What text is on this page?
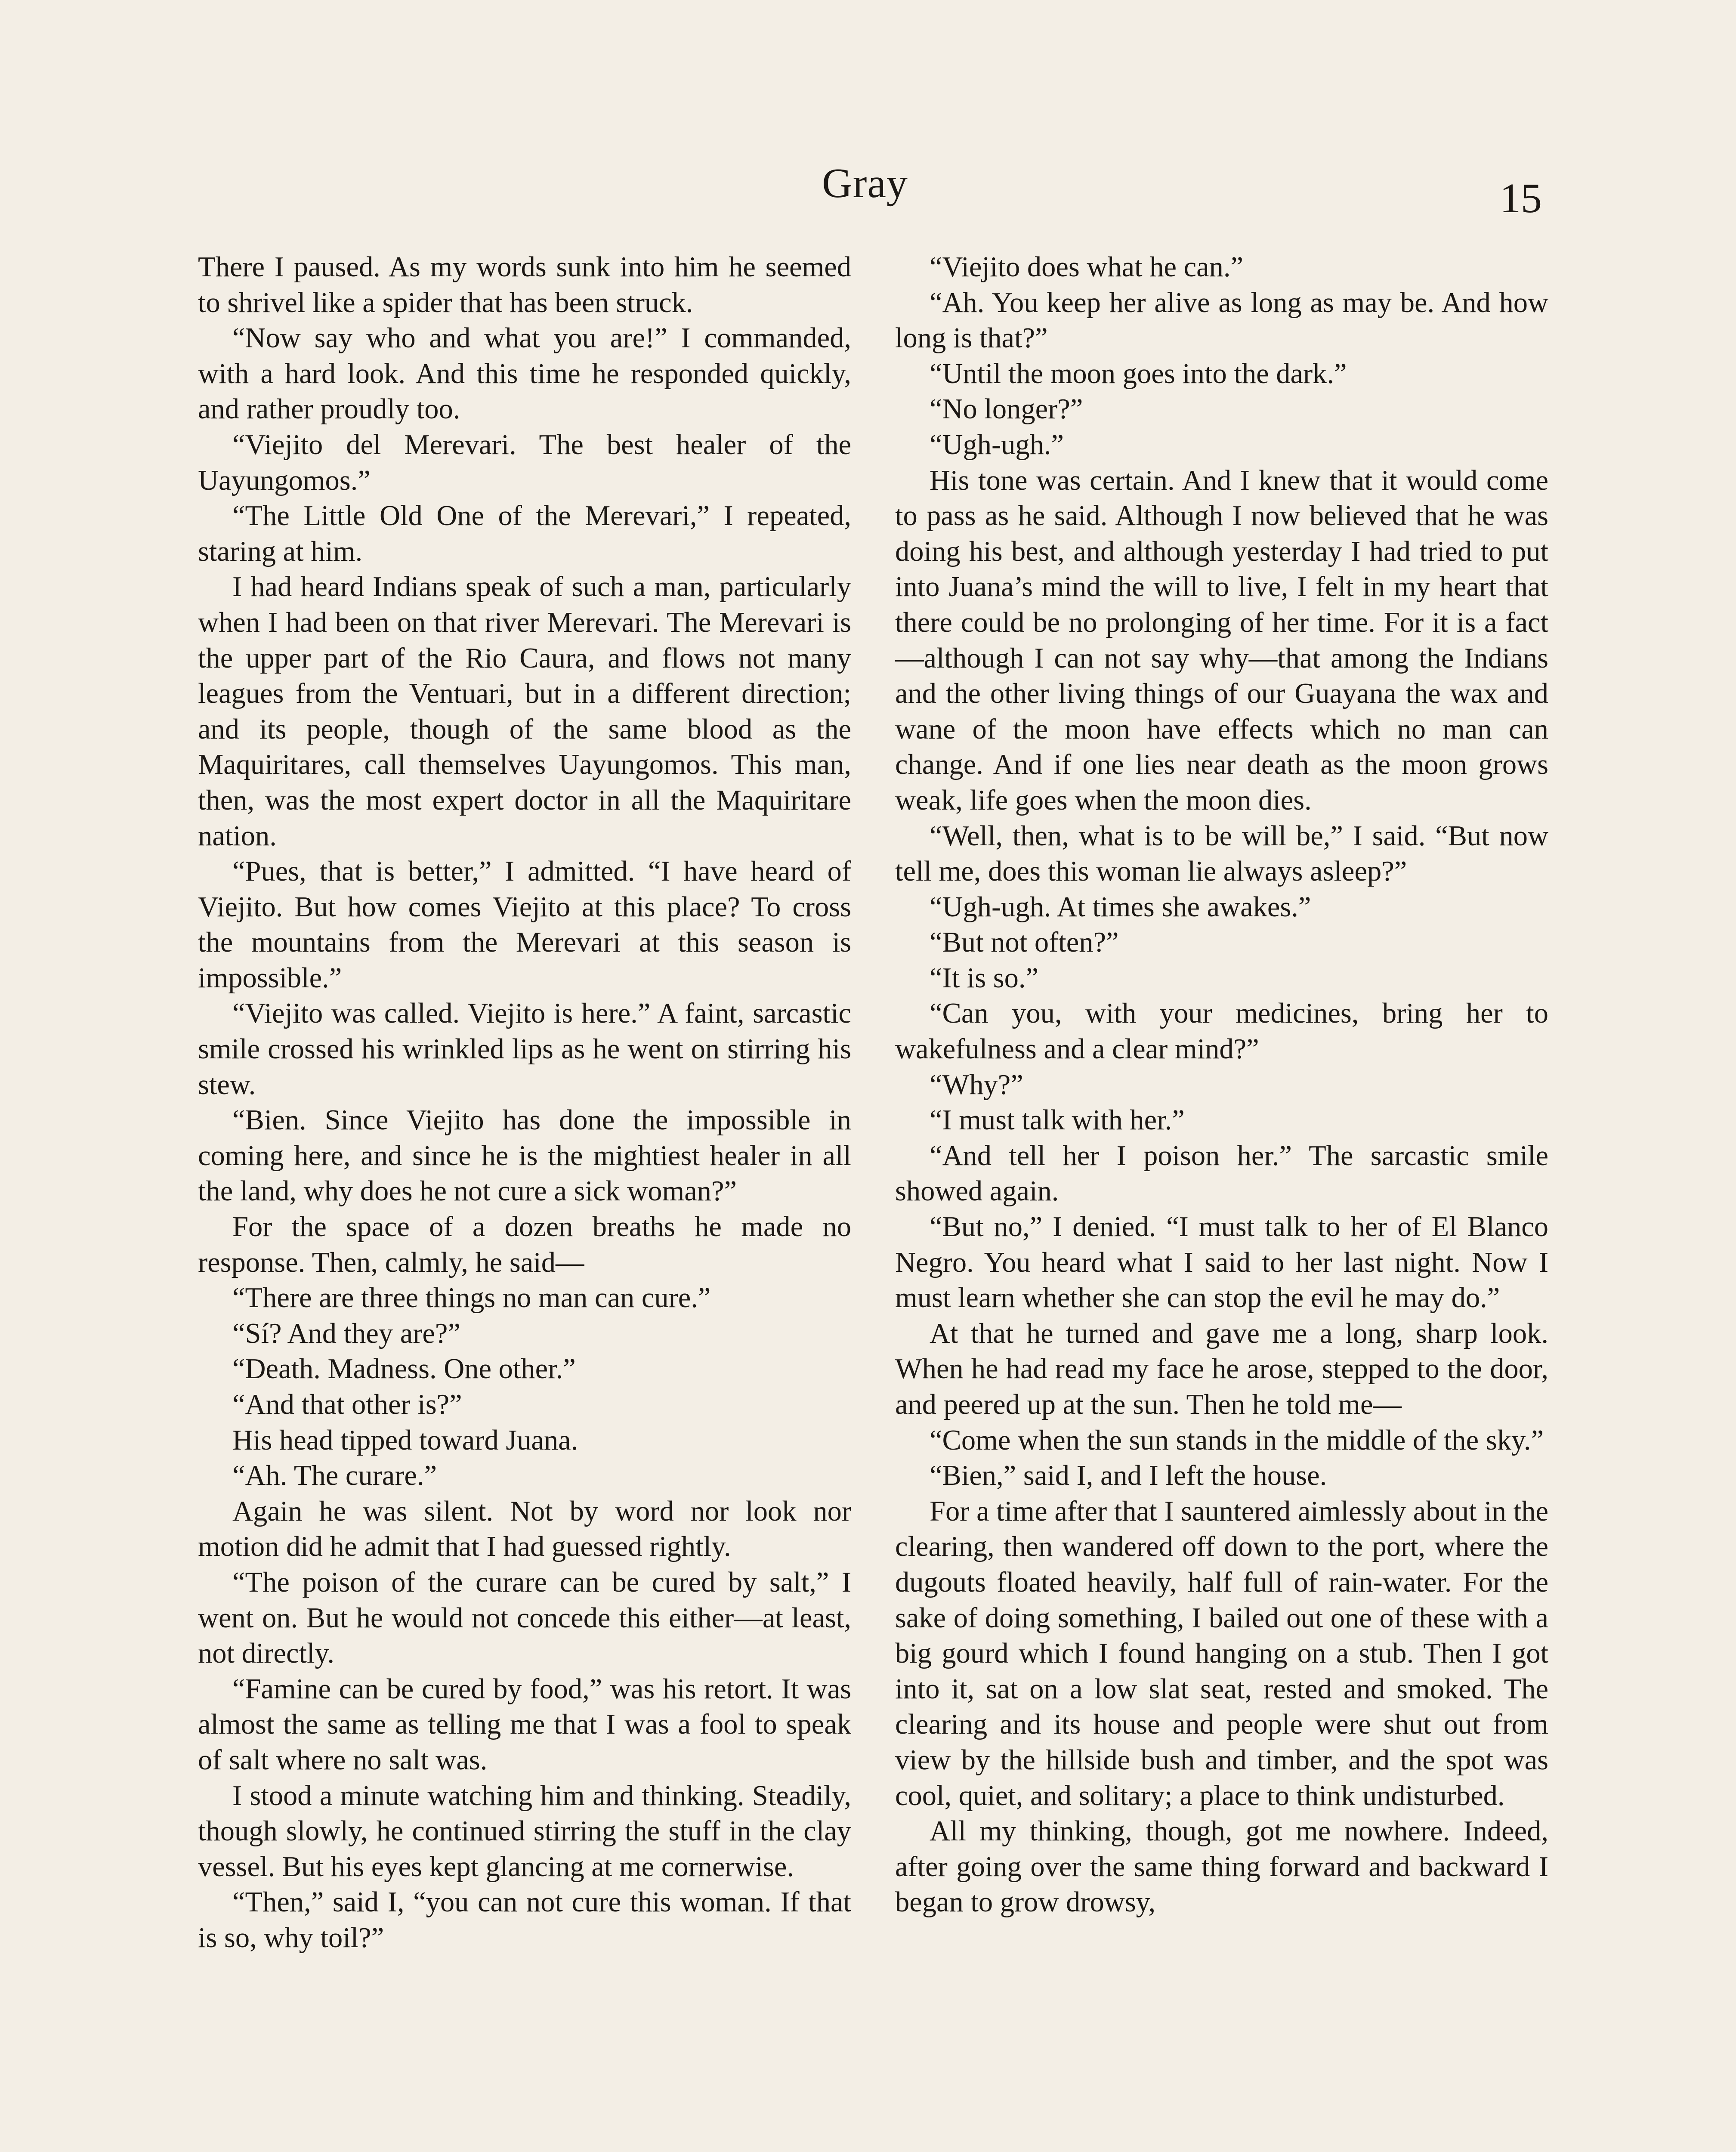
Gray	15

There I paused. As my words sunk into him he seemed to shrivel like a spider that has been struck.

“Now say who and what you are!” I commanded, with a hard look. And this time he responded quickly, and rather proudly too.

“Viejito del Merevari. The best healer of the Uayungomos.”

“The Little Old One of the Merevari,” I repeated, staring at him.

I had heard Indians speak of such a man, particularly when I had been on that river Merevari. The Merevari is the upper part of the Rio Caura, and flows not many leagues from the Ventuari, but in a different direction; and its people, though of the same blood as the Maquiritares, call themselves Uayungomos. This man, then, was the most expert doctor in all the Maquiritare nation.

“Pues, that is better,” I admitted. “I have heard of Viejito. But how comes Viejito at this place? To cross the mountains from the Merevari at this season is impossible.”

“Viejito was called. Viejito is here.” A faint, sarcastic smile crossed his wrinkled lips as he went on stirring his stew.

“Bien. Since Viejito has done the impossible in coming here, and since he is the mightiest healer in all the land, why does he not cure a sick woman?”

For the space of a dozen breaths he made no response. Then, calmly, he said—

“There are three things no man can cure.”

“Sí? And they are?”

“Death. Madness. One other.”

“And that other is?”

His head tipped toward Juana.

“Ah. The curare.”

Again he was silent. Not by word nor look nor motion did he admit that I had guessed rightly.

“The poison of the curare can be cured by salt,” I went on. But he would not concede this either—at least, not directly.

“Famine can be cured by food,” was his retort. It was almost the same as telling me that I was a fool to speak of salt where no salt was.

I stood a minute watching him and thinking. Steadily, though slowly, he continued stirring the stuff in the clay vessel. But his eyes kept glancing at me cornerwise.

“Then,” said I, “you can not cure this woman. If that is so, why toil?”

“Viejito does what he can.”

“Ah. You keep her alive as long as may be. And how long is that?”

“Until the moon goes into the dark.”

“No longer?”

“Ugh-ugh.”

His tone was certain. And I knew that it would come to pass as he said. Although I now believed that he was doing his best, and although yesterday I had tried to put into Juana’s mind the will to live, I felt in my heart that there could be no prolonging of her time. For it is a fact—although I can not say why—that among the Indians and the other living things of our Guayana the wax and wane of the moon have effects which no man can change. And if one lies near death as the moon grows weak, life goes when the moon dies.

“Well, then, what is to be will be,” I said. “But now tell me, does this woman lie always asleep?”

“Ugh-ugh. At times she awakes.”

“But not often?”

“It is so.”

“Can you, with your medicines, bring her to wakefulness and a clear mind?”

“Why?”

“I must talk with her.”

“And tell her I poison her.” The sarcastic smile showed again.

“But no,” I denied. “I must talk to her of El Blanco Negro. You heard what I said to her last night. Now I must learn whether she can stop the evil he may do.”

At that he turned and gave me a long, sharp look. When he had read my face he arose, stepped to the door, and peered up at the sun. Then he told me—

“Come when the sun stands in the middle of the sky.”

“Bien,” said I, and I left the house.

For a time after that I sauntered aimlessly about in the clearing, then wandered off down to the port, where the dugouts floated heavily, half full of rain-water. For the sake of doing something, I bailed out one of these with a big gourd which I found hanging on a stub. Then I got into it, sat on a low slat seat, rested and smoked. The clearing and its house and people were shut out from view by the hillside bush and timber, and the spot was cool, quiet, and solitary; a place to think undisturbed.

All my thinking, though, got me nowhere. Indeed, after going over the same thing forward and backward I began to grow drowsy,
